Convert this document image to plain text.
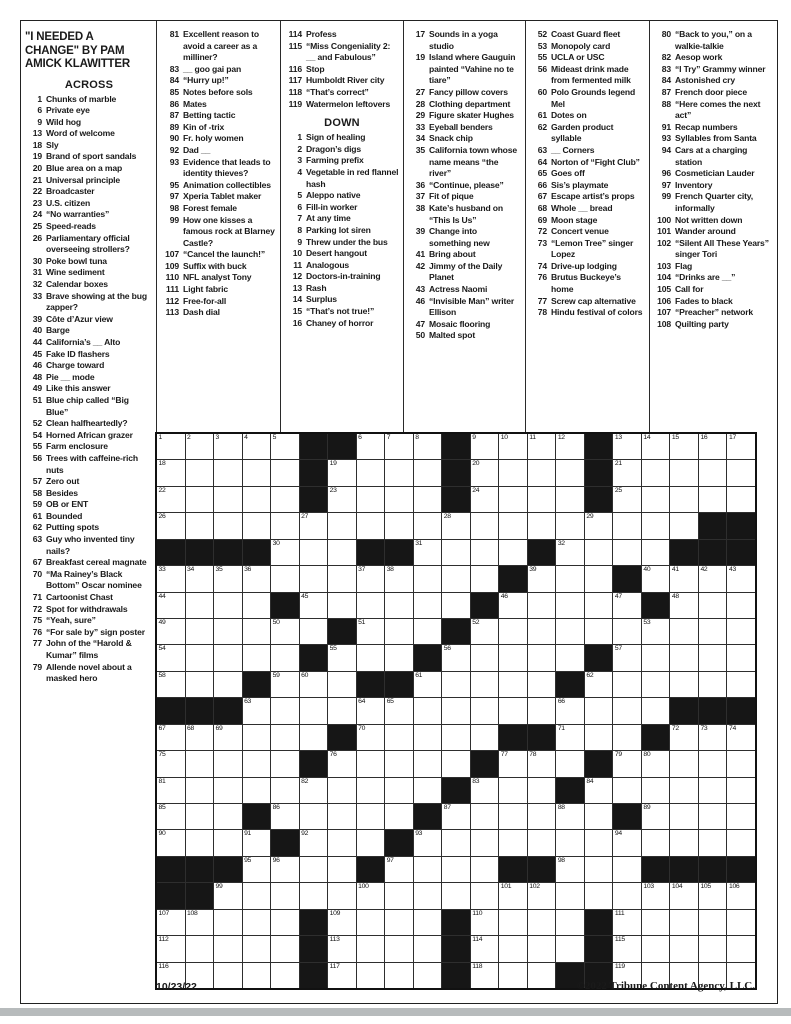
"I NEEDED A CHANGE" BY PAM AMICK KLAWITTER
ACROSS
1 Chunks of marble
6 Private eye
9 Wild hog
13 Word of welcome
18 Sly
19 Brand of sport sandals
20 Blue area on a map
21 Universal principle
22 Broadcaster
23 U.S. citizen
24 “No warranties”
25 Speed-reads
26 Parliamentary official overseeing strollers?
30 Poke bowl tuna
31 Wine sediment
32 Calendar boxes
33 Brave showing at the bug zapper?
39 Côte d’Azur view
40 Barge
44 California’s __ Alto
45 Fake ID flashers
46 Charge toward
48 Pie __ mode
49 Like this answer
51 Blue chip called “Big Blue”
52 Clean halfheartedly?
54 Horned African grazer
55 Farm enclosure
56 Trees with caffeine-rich nuts
57 Zero out
58 Besides
59 OB or ENT
61 Bounded
62 Putting spots
63 Guy who invented tiny nails?
67 Breakfast cereal magnate
70 “Ma Rainey’s Black Bottom” Oscar nominee
71 Cartoonist Chast
72 Spot for withdrawals
75 “Yeah, sure”
76 “For sale by” sign poster
77 John of the “Harold & Kumar” films
79 Allende novel about a masked hero
81 Excellent reason to avoid a career as a milliner?
83 __ goo gai pan
84 “Hurry up!”
85 Notes before sols
86 Mates
87 Betting tactic
89 Kin of -trix
90 Fr. holy women
92 Dad __
93 Evidence that leads to identity thieves?
95 Animation collectibles
97 Xperia Tablet maker
98 Forest female
99 How one kisses a famous rock at Blarney Castle?
107 “Cancel the launch!”
109 Suffix with buck
110 NFL analyst Tony
111 Light fabric
112 Free-for-all
113 Dash dial
114 Profess
115 “Miss Congeniality 2: __ and Fabulous”
116 Stop
117 Humboldt River city
118 “That’s correct”
119 Watermelon leftovers
DOWN
1 Sign of healing
2 Dragon’s digs
3 Farming prefix
4 Vegetable in red flannel hash
5 Aleppo native
6 Fill-in worker
7 At any time
8 Parking lot siren
9 Threw under the bus
10 Desert hangout
11 Analogous
12 Doctors-in-training
13 Rash
14 Surplus
15 “That’s not true!”
16 Chaney of horror
17 Sounds in a yoga studio
19 Island where Gauguin painted “Vahine no te tiare”
27 Fancy pillow covers
28 Clothing department
29 Figure skater Hughes
33 Eyeball benders
34 Snack chip
35 California town whose name means “the river”
36 “Continue, please”
37 Fit of pique
38 Kate’s husband on “This Is Us”
39 Change into something new
41 Bring about
42 Jimmy of the Daily Planet
43 Actress Naomi
46 “Invisible Man” writer Ellison
47 Mosaic flooring
50 Malted spot
52 Coast Guard fleet
53 Monopoly card
55 UCLA or USC
56 Mideast drink made from fermented milk
60 Polo Grounds legend Mel
61 Dotes on
62 Garden product syllable
63 __ Corners
64 Norton of “Fight Club”
65 Goes off
66 Sis’s playmate
67 Escape artist’s props
68 Whole __ bread
69 Moon stage
72 Concert venue
73 “Lemon Tree” singer Lopez
74 Drive-up lodging
76 Brutus Buckeye’s home
77 Screw cap alternative
78 Hindu festival of colors
80 “Back to you,” on a walkie-talkie
82 Aesop work
83 “I Try” Grammy winner
84 Astonished cry
87 French door piece
88 “Here comes the next act”
91 Recap numbers
93 Syllables from Santa
94 Cars at a charging station
96 Cosmetician Lauder
97 Inventory
99 French Quarter city, informally
100 Not written down
101 Wander around
102 “Silent All These Years” singer Tori
103 Flag
104 “Drinks are __”
105 Call for
106 Fades to black
107 “Preacher” network
108 Quilting party
1	2	3	4	5	6	7	8	9	10	11	12	13	14	15	16	17
18	19	20	21
22	23	24	25
26	27	28	29
30	31	32
33	34	35	36	37	38	39	40	41	42	43
44	45	46	47	48
49	50	51	52	53
54	55	56	57
58	59	60	61	62
63	64	65	66
67	68	69	70	71	72	73	74
75	76	77	78	79	80
81	82	83	84
85	86	87	88	89
90	91	92	93	94
95	96	97	98
99	100	101	102	103	104	105	106
107	108	109	110	111
112	113	114	115
116	117	118	119
10/23/22	©2022 Tribune Content Agency, LLC.
